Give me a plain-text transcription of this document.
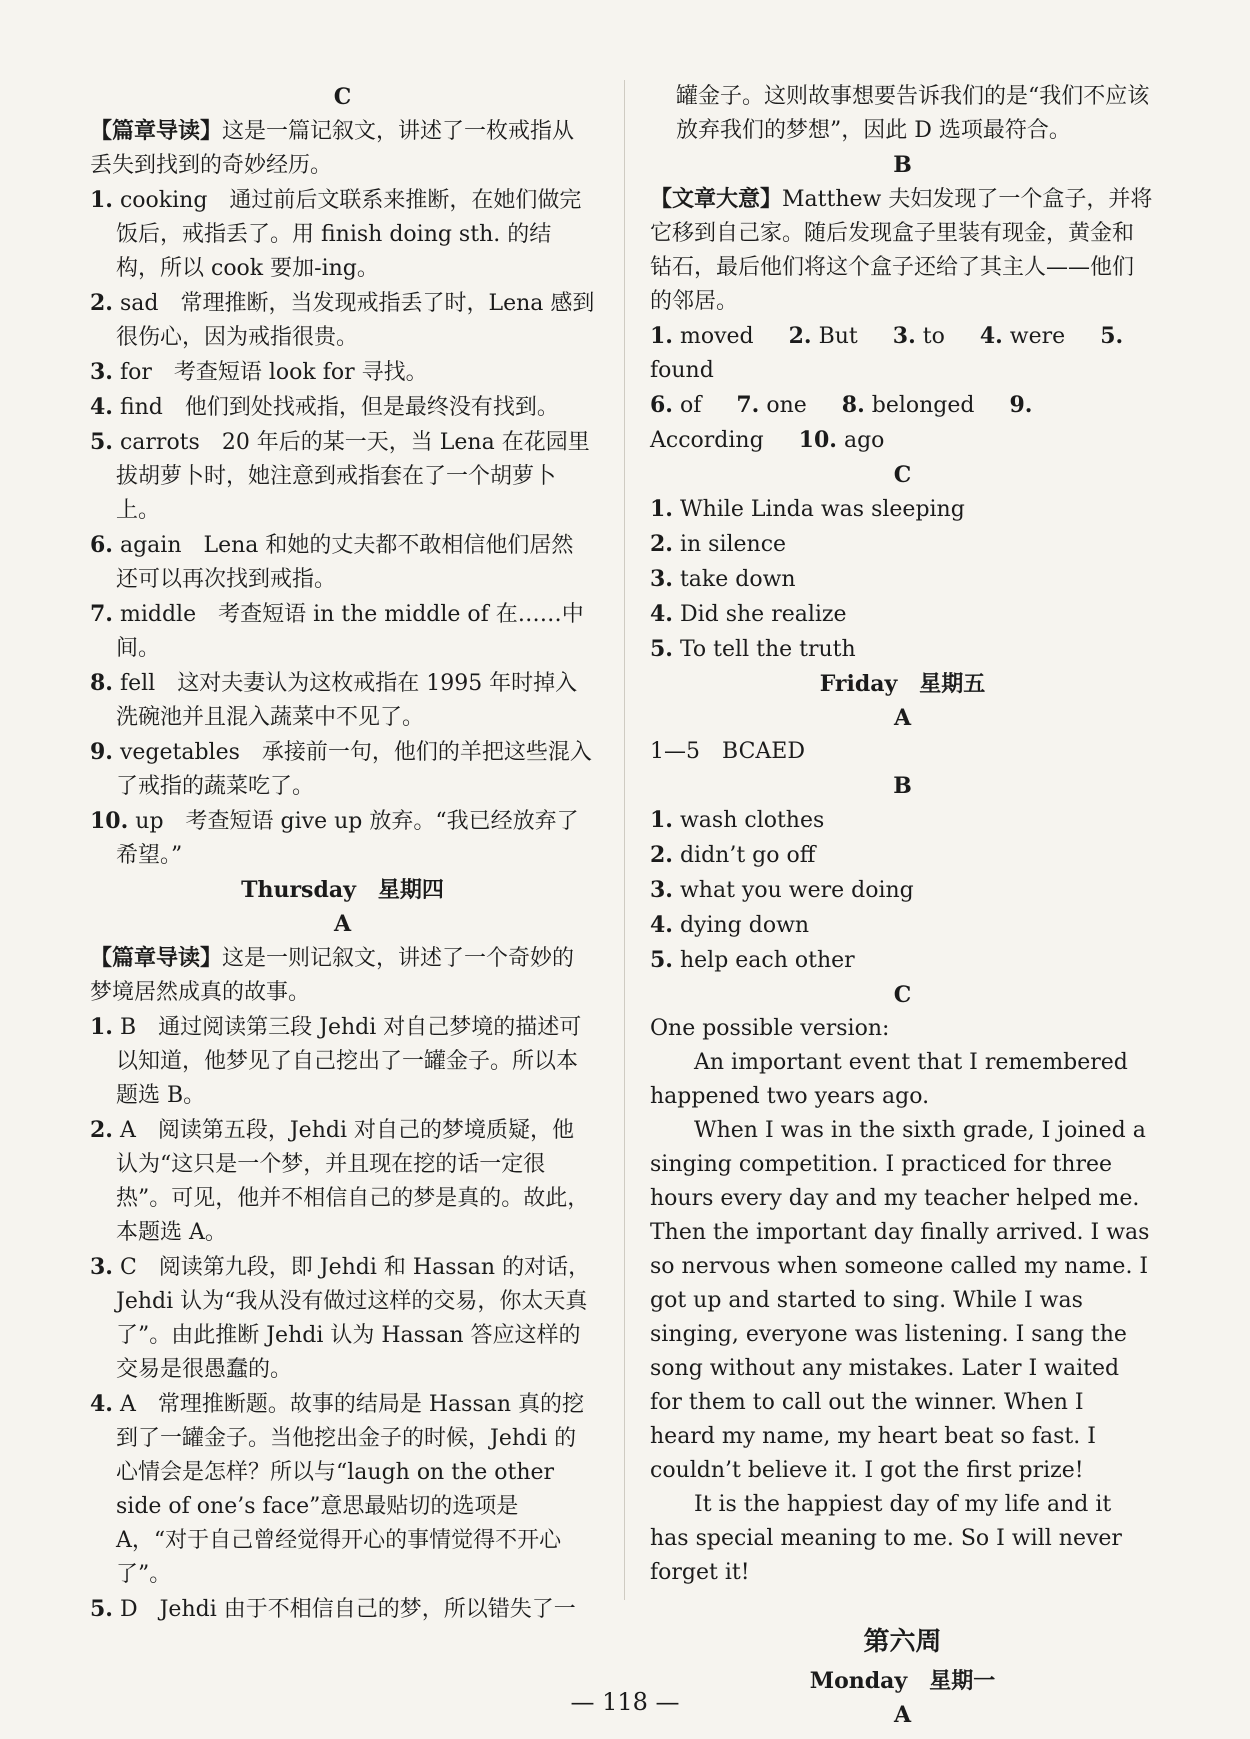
C
【篇章导读】这是一篇记叙文，讲述了一枚戒指从丢失到找到的奇妙经历。
1. cooking　通过前后文联系来推断，在她们做完饭后，戒指丢了。用 finish doing sth. 的结构，所以 cook 要加-ing。
2. sad　常理推断，当发现戒指丢了时，Lena 感到很伤心，因为戒指很贵。
3. for　考查短语 look for 寻找。
4. find　他们到处找戒指，但是最终没有找到。
5. carrots　20 年后的某一天，当 Lena 在花园里拔胡萝卜时，她注意到戒指套在了一个胡萝卜上。
6. again　Lena 和她的丈夫都不敢相信他们居然还可以再次找到戒指。
7. middle　考查短语 in the middle of 在……中间。
8. fell　这对夫妻认为这枚戒指在 1995 年时掉入洗碗池并且混入蔬菜中不见了。
9. vegetables　承接前一句，他们的羊把这些混入了戒指的蔬菜吃了。
10. up　考查短语 give up 放弃。“我已经放弃了希望。”
Thursday　星期四
A
【篇章导读】这是一则记叙文，讲述了一个奇妙的梦境居然成真的故事。
1. B　通过阅读第三段 Jehdi 对自己梦境的描述可以知道，他梦见了自己挖出了一罐金子。所以本题选 B。
2. A　阅读第五段，Jehdi 对自己的梦境质疑，他认为“这只是一个梦，并且现在挖的话一定很热”。可见，他并不相信自己的梦是真的。故此，本题选 A。
3. C　阅读第九段，即 Jehdi 和 Hassan 的对话，Jehdi 认为“我从没有做过这样的交易，你太天真了”。由此推断 Jehdi 认为 Hassan 答应这样的交易是很愚蠢的。
4. A　常理推断题。故事的结局是 Hassan 真的挖到了一罐金子。当他挖出金子的时候，Jehdi 的心情会是怎样？所以与“laugh on the other side of one’s face”意思最贴切的选项是 A，“对于自己曾经觉得开心的事情觉得不开心了”。
5. D　Jehdi 由于不相信自己的梦，所以错失了一
罐金子。这则故事想要告诉我们的是“我们不应该放弃我们的梦想”，因此 D 选项最符合。
B
【文章大意】Matthew 夫妇发现了一个盒子，并将它移到自己家。随后发现盒子里装有现金，黄金和钻石，最后他们将这个盒子还给了其主人——他们的邻居。
1. moved 2. But 3. to 4. were 5. found
6. of 7. one 8. belonged 9. According 10. ago
C
1. While Linda was sleeping
2. in silence
3. take down
4. Did she realize
5. To tell the truth
Friday　星期五
A
1—5　BCAED
B
1. wash clothes
2. didn’t go off
3. what you were doing
4. dying down
5. help each other
C
One possible version:
An important event that I remembered happened two years ago.
When I was in the sixth grade, I joined a singing competition. I practiced for three hours every day and my teacher helped me. Then the important day finally arrived. I was so nervous when someone called my name. I got up and started to sing. While I was singing, everyone was listening. I sang the song without any mistakes. Later I waited for them to call out the winner. When I heard my name, my heart beat so fast. I couldn’t believe it. I got the first prize!
It is the happiest day of my life and it has special meaning to me. So I will never forget it!
第六周
Monday　星期一
A
— 118 —
